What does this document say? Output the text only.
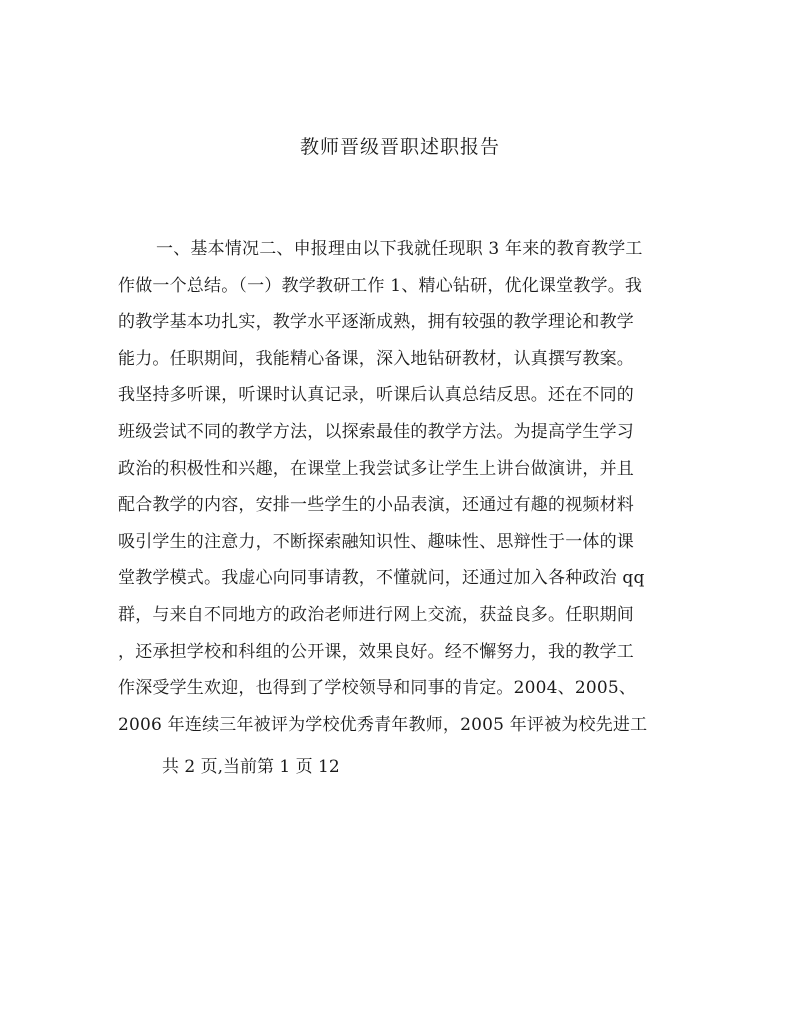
教师晋级晋职述职报告
一、基本情况二、申报理由以下我就任现职 3 年来的教育教学工
作做一个总结。（一）教学教研工作 1、精心钻研，优化课堂教学。我
的教学基本功扎实，教学水平逐渐成熟，拥有较强的教学理论和教学
能力。任职期间，我能精心备课，深入地钻研教材，认真撰写教案。
我坚持多听课，听课时认真记录，听课后认真总结反思。还在不同的
班级尝试不同的教学方法，以探索最佳的教学方法。为提高学生学习
政治的积极性和兴趣，在课堂上我尝试多让学生上讲台做演讲，并且
配合教学的内容，安排一些学生的小品表演，还通过有趣的视频材料
吸引学生的注意力，不断探索融知识性、趣味性、思辩性于一体的课
堂教学模式。我虚心向同事请教，不懂就问，还通过加入各种政治 qq
群，与来自不同地方的政治老师进行网上交流，获益良多。任职期间
，还承担学校和科组的公开课，效果良好。经不懈努力，我的教学工
作深受学生欢迎，也得到了学校领导和同事的肯定。2004、2005、
2006 年连续三年被评为学校优秀青年教师，2005 年评被为校先进工
共 2 页,当前第 1 页 12
